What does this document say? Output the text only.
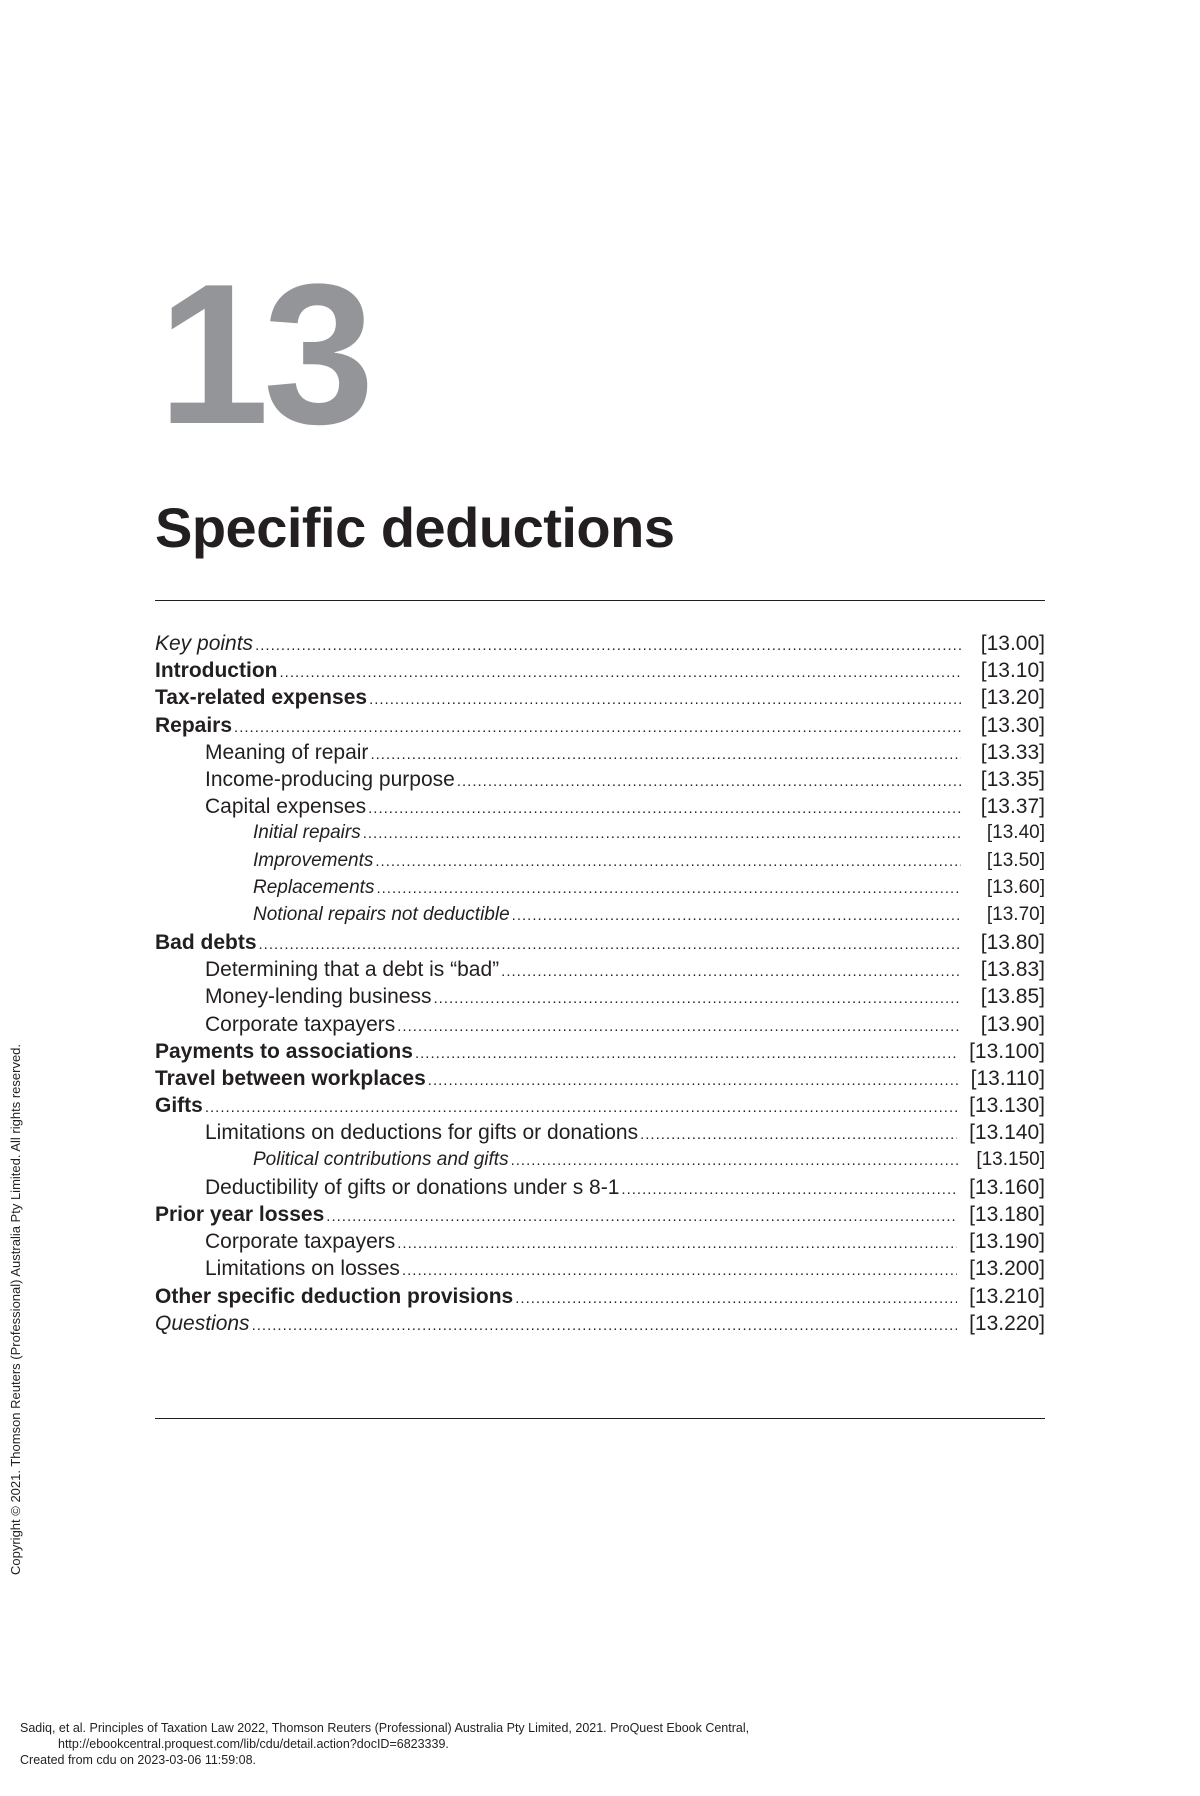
13
Specific deductions
Key points .....	[13.00]
Introduction .....	[13.10]
Tax-related expenses .....	[13.20]
Repairs .....	[13.30]
Meaning of repair .....	[13.33]
Income-producing purpose .....	[13.35]
Capital expenses .....	[13.37]
Initial repairs .....	[13.40]
Improvements .....	[13.50]
Replacements .....	[13.60]
Notional repairs not deductible .....	[13.70]
Bad debts .....	[13.80]
Determining that a debt is “bad” .....	[13.83]
Money-lending business .....	[13.85]
Corporate taxpayers .....	[13.90]
Payments to associations .....	[13.100]
Travel between workplaces .....	[13.110]
Gifts .....	[13.130]
Limitations on deductions for gifts or donations .....	[13.140]
Political contributions and gifts .....	[13.150]
Deductibility of gifts or donations under s 8-1 .....	[13.160]
Prior year losses .....	[13.180]
Corporate taxpayers .....	[13.190]
Limitations on losses .....	[13.200]
Other specific deduction provisions .....	[13.210]
Questions .....	[13.220]
Copyright © 2021. Thomson Reuters (Professional) Australia Pty Limited. All rights reserved.
Sadiq, et al. Principles of Taxation Law 2022, Thomson Reuters (Professional) Australia Pty Limited, 2021. ProQuest Ebook Central,
http://ebookcentral.proquest.com/lib/cdu/detail.action?docID=6823339.
Created from cdu on 2023-03-06 11:59:08.
